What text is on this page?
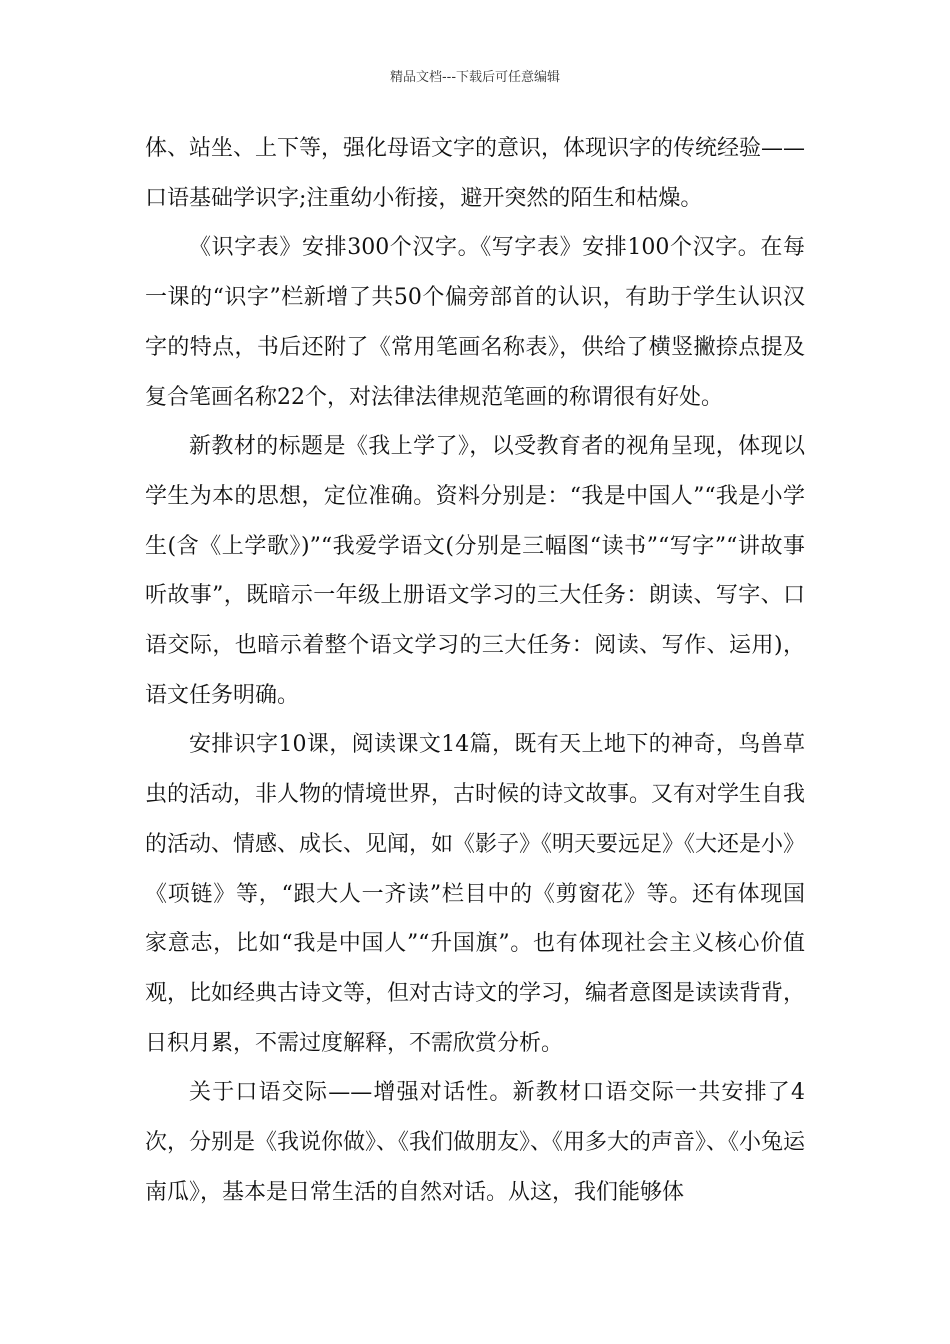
精品文档---下载后可任意编辑

体、站坐、上下等，强化母语文字的意识，体现识字的传统经验——口语基础学识字;注重幼小衔接，避开突然的陌生和枯燥。

《识字表》安排300个汉字。《写字表》安排100个汉字。在每一课的“识字”栏新增了共50个偏旁部首的认识，有助于学生认识汉字的特点，书后还附了《常用笔画名称表》，供给了横竖撇捺点提及复合笔画名称22个，对法律法律规范笔画的称谓很有好处。

新教材的标题是《我上学了》，以受教育者的视角呈现，体现以学生为本的思想，定位准确。资料分别是：“我是中国人”“我是小学生(含《上学歌》)”“我爱学语文(分别是三幅图“读书”“写字”“讲故事听故事”，既暗示一年级上册语文学习的三大任务：朗读、写字、口语交际，也暗示着整个语文学习的三大任务：阅读、写作、运用)，语文任务明确。

安排识字10课，阅读课文14篇，既有天上地下的神奇，鸟兽草虫的活动，非人物的情境世界，古时候的诗文故事。又有对学生自我的活动、情感、成长、见闻，如《影子》《明天要远足》《大还是小》《项链》等，“跟大人一齐读”栏目中的《剪窗花》等。还有体现国家意志，比如“我是中国人”“升国旗”。也有体现社会主义核心价值观，比如经典古诗文等，但对古诗文的学习，编者意图是读读背背，日积月累，不需过度解释，不需欣赏分析。

关于口语交际——增强对话性。新教材口语交际一共安排了4次，分别是《我说你做》、《我们做朋友》、《用多大的声音》、《小兔运南瓜》，基本是日常生活的自然对话。从这，我们能够体
